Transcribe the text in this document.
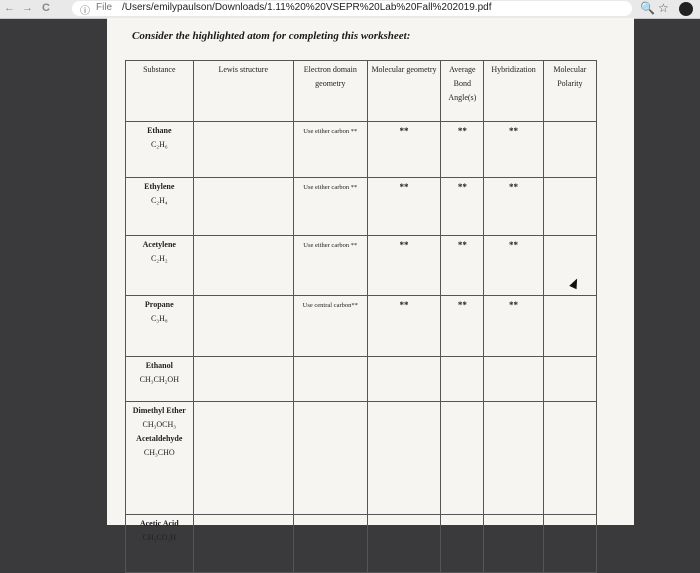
← → C	ⓘ File /Users/emilypaulson/Downloads/1.11%20%20VSEPR%20Lab%20Fall%202019.pdf	🔍 ☆
Consider the highlighted atom for completing this worksheet:
Substance	Lewis structure	Electron domain geometry	Molecular geometry	Average Bond Angle(s)	Hybridization	Molecular Polarity

Ethane
C₂H₆		Use either carbon **	**	**	**	

Ethylene
C₂H₄		Use either carbon **	**	**	**	

Acetylene
C₂H₂		Use either carbon **	**	**	**	

Propane
C₃H₈		Use central carbon**	**	**	**	

Ethanol
CH₃CH₂OH						

Dimethyl Ether
CH₃OCH₃
Acetaldehyde
CH₃CHO						

Acetic Acid
CH₃CO₂H						
